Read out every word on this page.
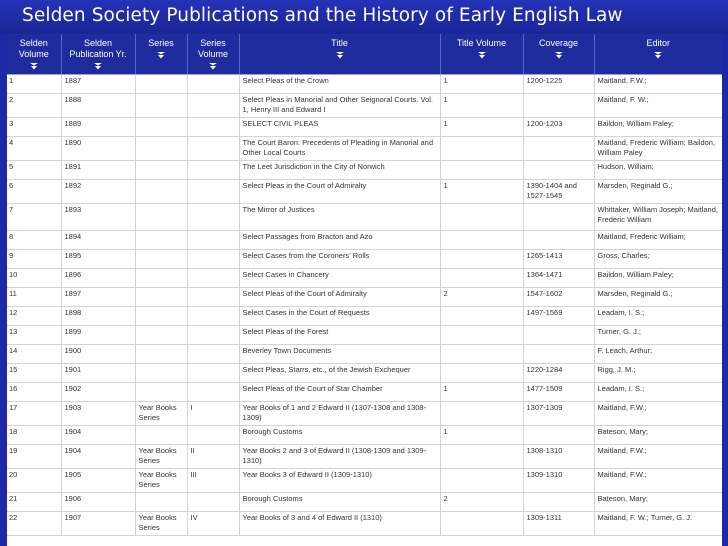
Selden Society Publications and the History of Early English Law
Selden Volume	Selden Publication Yr.	Series	Series Volume	Title	Title Volume	Coverage	Editor

1	1887			Select Pleas of the Crown	1	1200-1225	Maitland, F.W.;
2	1888			Select Pleas in Manorial and Other Seignoral Courts. Vol. 1, Henry III and Edward I	1		Maitland, F. W.;
3	1889			SELECT CIVIL PLEAS	1	1200-1203	Baildon, William Paley;
4	1890			The Court Baron: Precedents of Pleading in Manorial and Other Local Courts			Maitland, Frederic William; Baildon, William Paley
5	1891			The Leet Jurisdiction in the City of Norwich			Hudson, William;
6	1892			Select Pleas in the Court of Admiralty	1	1390-1404 and 1527-1545	Marsden, Reginald G.;
7	1893			The Mirror of Justices			Whittaker, William Joseph; Maitland, Frederic William
8	1894			Select Passages from Bracton and Azo			Maitland, Frederic William;
9	1895			Select Cases from the Coroners' Rolls		1265-1413	Gross, Charles;
10	1896			Select Cases in Chancery		1364-1471	Baildon, William Paley;
11	1897			Select Pleas of the Court of Admiralty	2	1547-1602	Marsden, Reginald G.;
12	1898			Select Cases in the Court of Requests		1497-1569	Leadam, I. S.;
13	1899			Select Pleas of the Forest			Turner, G. J.;
14	1900			Beverley Town Documents			F. Leach, Arthur;
15	1901			Select Pleas, Starrs, etc., of the Jewish Exchequer		1220-1284	Rigg, J. M.;
16	1902			Select Pleas of the Court of Star Chamber	1	1477-1509	Leadam, I. S.;
17	1903	Year Books Series	I	Year Books of 1 and 2 Edward II (1307-1308 and 1308-1309)		1307-1309	Maitland, F.W.;
18	1904			Borough Customs	1		Bateson, Mary;
19	1904	Year Books Series	II	Year Books 2 and 3 of Edward II (1308-1309 and 1309-1310)		1308-1310	Maitland, F.W.;
20	1905	Year Books Series	III	Year Books 3 of Edward II (1309-1310)		1309-1310	Maitland, F.W.;
21	1906			Borough Customs	2		Bateson, Mary;
22	1907	Year Books Series	IV	Year Books of 3 and 4 of Edward II (1310)		1309-1311	Maitland, F. W.; Turner, G. J.
